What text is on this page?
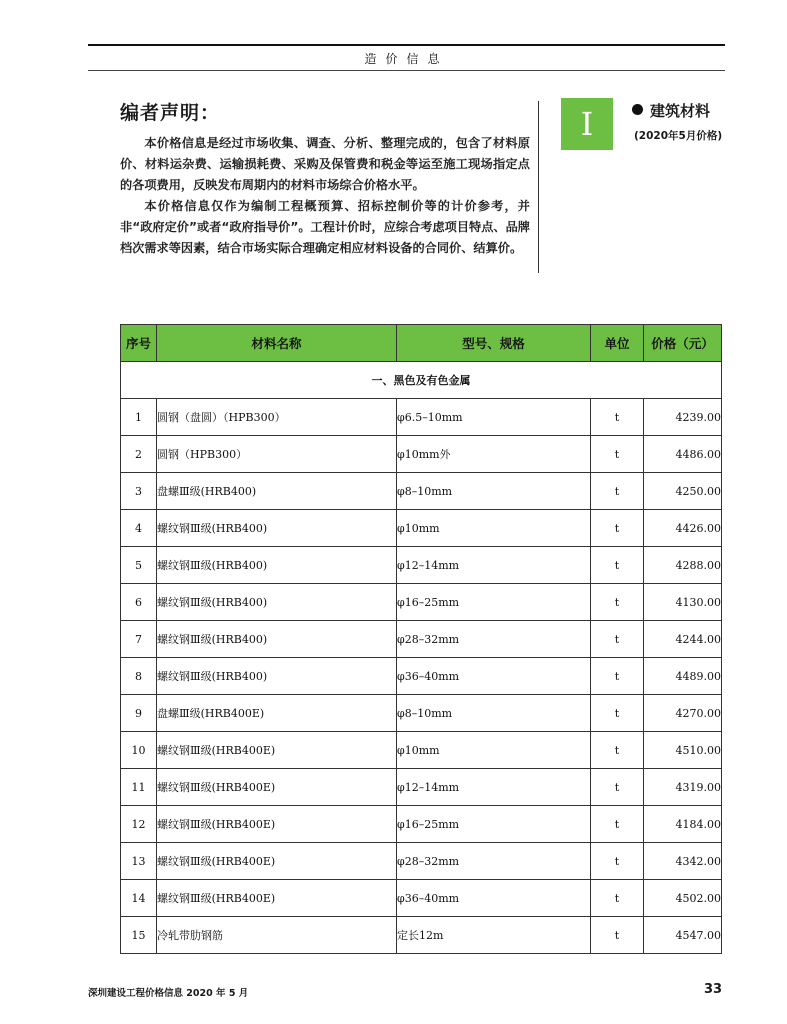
造价信息
编者声明：

本价格信息是经过市场收集、调查、分析、整理完成的，包含了材料原价、材料运杂费、运输损耗费、采购及保管费和税金等运至施工现场指定点的各项费用，反映发布周期内的材料市场综合价格水平。

本价格信息仅作为编制工程概预算、招标控制价等的计价参考，并非“政府定价”或者“政府指导价”。工程计价时，应综合考虑项目特点、品牌档次需求等因素，结合市场实际合理确定相应材料设备的合同价、结算价。

I	建筑材料
(2020年5月价格)
序号	材料名称	型号、规格	单位	价格（元）
一、黑色及有色金属				
1	圆钢（盘圆）（HPB300）	φ6.5–10mm	t	4239.00
2	圆钢（HPB300）	φ10mm外	t	4486.00
3	盘螺Ⅲ级(HRB400)	φ8–10mm	t	4250.00
4	螺纹钢Ⅲ级(HRB400)	φ10mm	t	4426.00
5	螺纹钢Ⅲ级(HRB400)	φ12–14mm	t	4288.00
6	螺纹钢Ⅲ级(HRB400)	φ16–25mm	t	4130.00
7	螺纹钢Ⅲ级(HRB400)	φ28–32mm	t	4244.00
8	螺纹钢Ⅲ级(HRB400)	φ36–40mm	t	4489.00
9	盘螺Ⅲ级(HRB400E)	φ8–10mm	t	4270.00
10	螺纹钢Ⅲ级(HRB400E)	φ10mm	t	4510.00
11	螺纹钢Ⅲ级(HRB400E)	φ12–14mm	t	4319.00
12	螺纹钢Ⅲ级(HRB400E)	φ16–25mm	t	4184.00
13	螺纹钢Ⅲ级(HRB400E)	φ28–32mm	t	4342.00
14	螺纹钢Ⅲ级(HRB400E)	φ36–40mm	t	4502.00
15	冷轧带肋钢筋	定长12m	t	4547.00
深圳建设工程价格信息 2020 年 5 月	33
